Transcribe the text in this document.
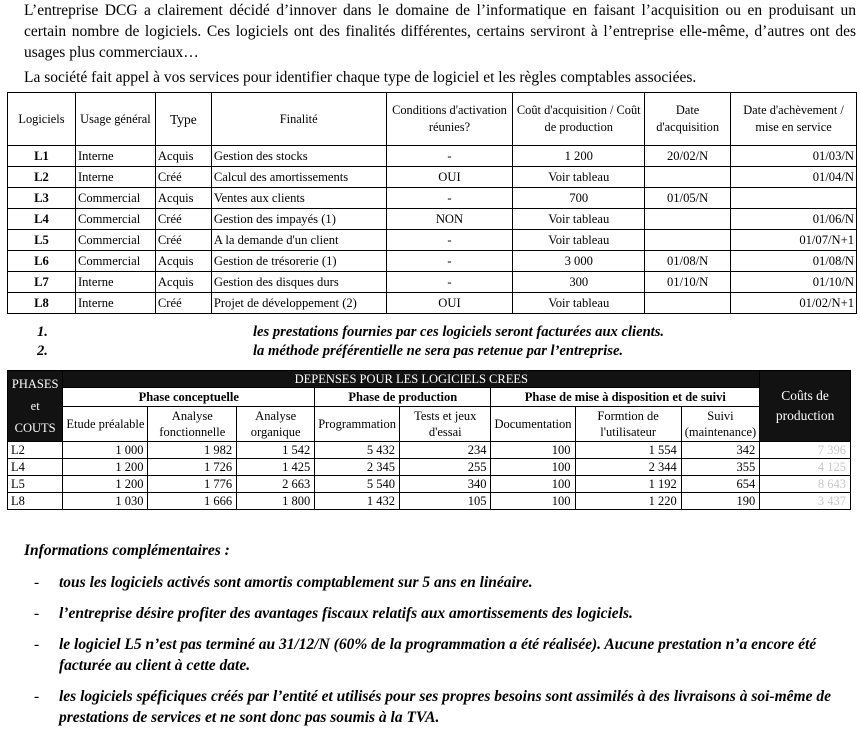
L’entreprise DCG a clairement décidé d’innover dans le domaine de l’informatique en faisant l’acquisition ou en produisant un certain nombre de logiciels. Ces logiciels ont des finalités différentes, certains serviront à l’entreprise elle-même, d’autres ont des usages plus commerciaux…
La société fait appel à vos services pour identifier chaque type de logiciel et les règles comptables associées.
Logiciels	Usage général	Type	Finalité	Conditions d'activation réunies?	Coût d'acquisition / Coût de production	Date d'acquisition	Date d'achèvement / mise en service
L1	Interne	Acquis	Gestion des stocks	-	1 200	20/02/N	01/03/N
L2	Interne	Créé	Calcul des amortissements	OUI	Voir tableau		01/04/N
L3	Commercial	Acquis	Ventes aux clients	-	700	01/05/N	
L4	Commercial	Créé	Gestion des impayés (1)	NON	Voir tableau		01/06/N
L5	Commercial	Créé	A la demande d'un client	-	Voir tableau		01/07/N+1
L6	Commercial	Acquis	Gestion de trésorerie (1)	-	3 000	01/08/N	01/08/N
L7	Interne	Acquis	Gestion des disques durs	-	300	01/10/N	01/10/N
L8	Interne	Créé	Projet de développement (2)	OUI	Voir tableau		01/02/N+1
1.	les prestations fournies par ces logiciels seront facturées aux clients.
2.	la méthode préférentielle ne sera pas retenue par l’entreprise.
PHASES
et
COUTS	DEPENSES POUR LES LOGICIELS CREES								Coûts de production
	Phase conceptuelle			Phase de production		Phase de mise à disposition et de suivi			
	Etude préalable	Analyse fonctionnelle	Analyse organique	Programmation	Tests et jeux d'essai	Documentation	Formtion de l'utilisateur	Suivi (maintenance)	
L2	1 000	1 982	1 542	5 432	234	100	1 554	342	7 396
L4	1 200	1 726	1 425	2 345	255	100	2 344	355	4 125
L5	1 200	1 776	2 663	5 540	340	100	1 192	654	8 643
L8	1 030	1 666	1 800	1 432	105	100	1 220	190	3 437
Informations complémentaires :
- tous les logiciels activés sont amortis comptablement sur 5 ans en linéaire.
- l’entreprise désire profiter des avantages fiscaux relatifs aux amortissements des logiciels.
- le logiciel L5 n’est pas terminé au 31/12/N (60% de la programmation a été réalisée). Aucune prestation n’a encore été facturée au client à cette date.
- les logiciels spéficiques créés par l’entité et utilisés pour ses propres besoins sont assimilés à des livraisons à soi-même de prestations de services et ne sont donc pas soumis à la TVA.
